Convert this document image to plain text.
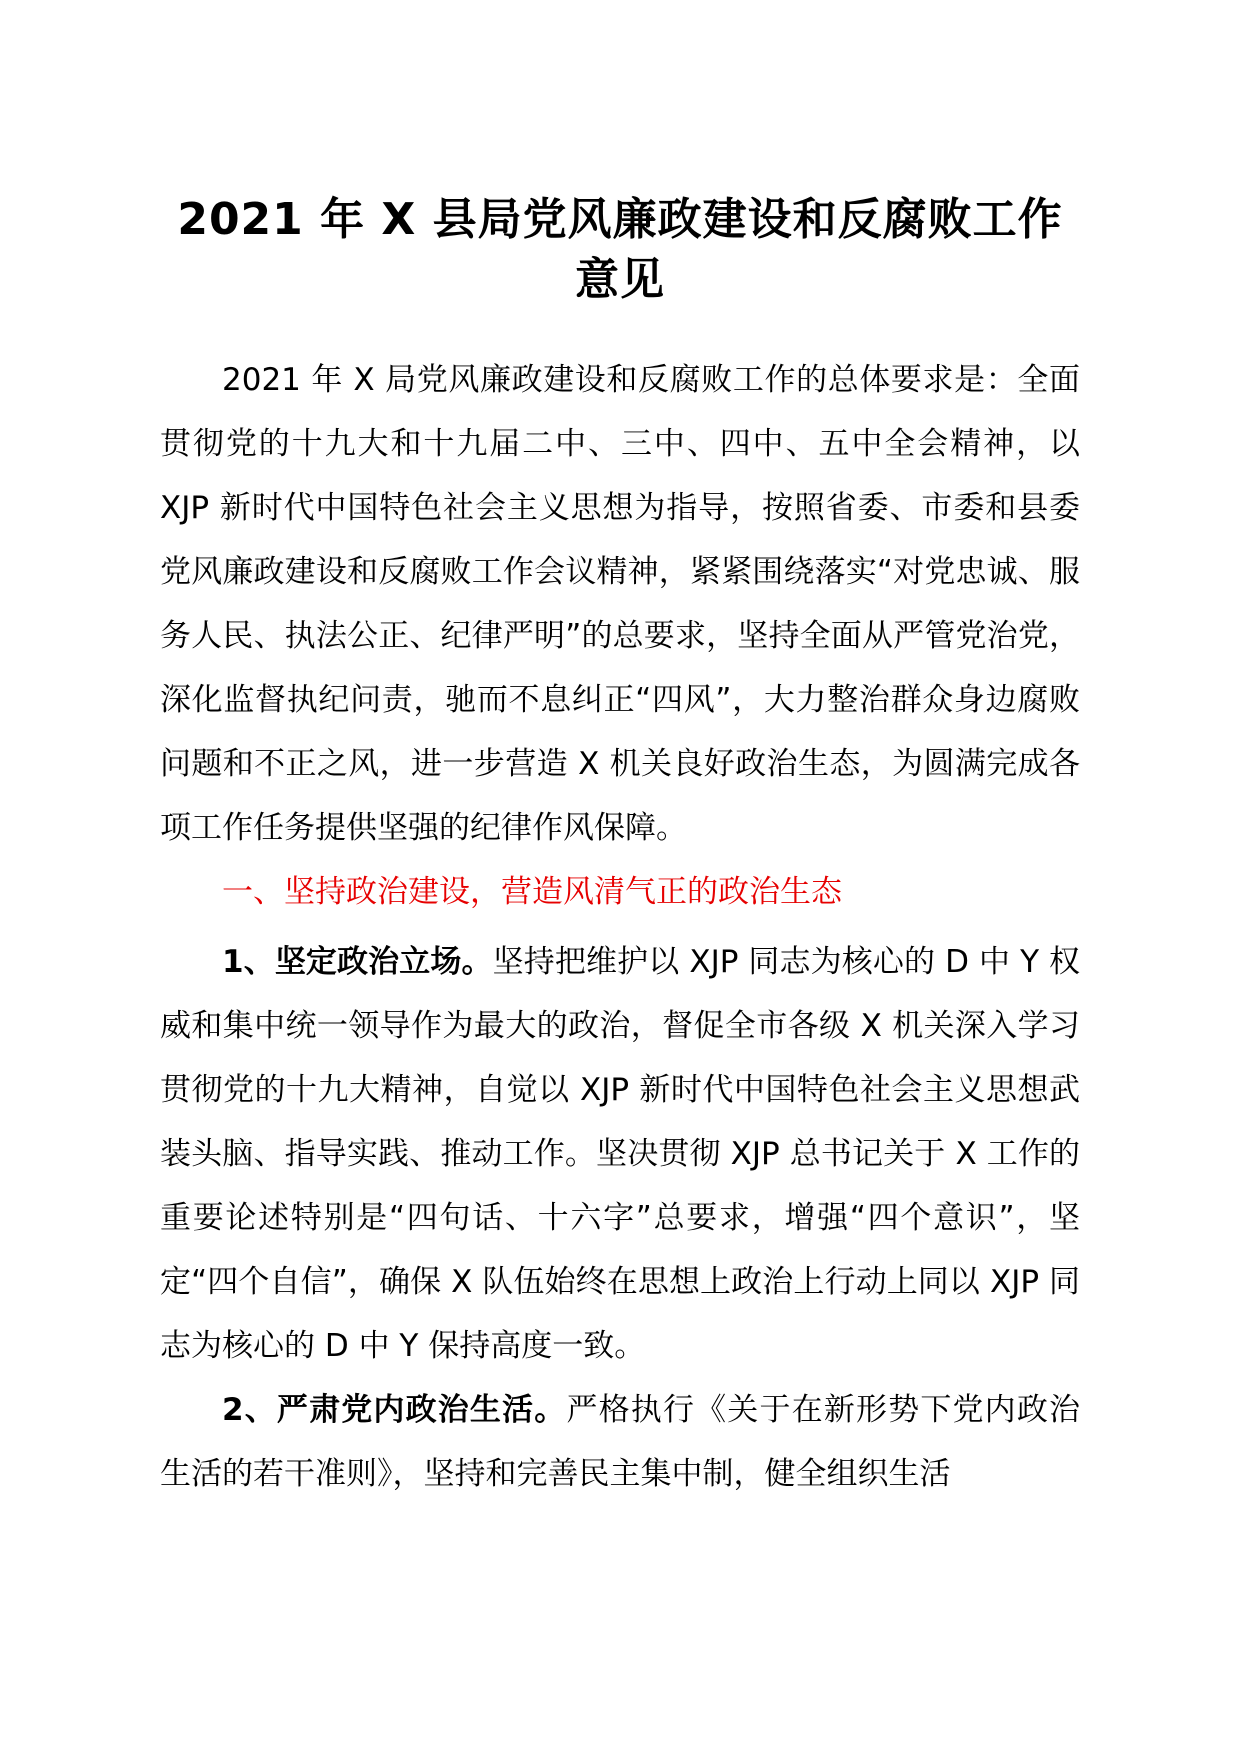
2021 年 X 县局党风廉政建设和反腐败工作意见

2021 年 X 局党风廉政建设和反腐败工作的总体要求是：全面贯彻党的十九大和十九届二中、三中、四中、五中全会精神，以 XJP 新时代中国特色社会主义思想为指导，按照省委、市委和县委党风廉政建设和反腐败工作会议精神，紧紧围绕落实“对党忠诚、服务人民、执法公正、纪律严明”的总要求，坚持全面从严管党治党，深化监督执纪问责，驰而不息纠正“四风”，大力整治群众身边腐败问题和不正之风，进一步营造 X 机关良好政治生态，为圆满完成各项工作任务提供坚强的纪律作风保障。

一、坚持政治建设，营造风清气正的政治生态

1、坚定政治立场。坚持把维护以 XJP 同志为核心的 D 中 Y 权威和集中统一领导作为最大的政治，督促全市各级 X 机关深入学习贯彻党的十九大精神，自觉以 XJP 新时代中国特色社会主义思想武装头脑、指导实践、推动工作。坚决贯彻 XJP 总书记关于 X 工作的重要论述特别是“四句话、十六字”总要求，增强“四个意识”，坚定“四个自信”，确保 X 队伍始终在思想上政治上行动上同以 XJP 同志为核心的 D 中 Y 保持高度一致。

2、严肃党内政治生活。严格执行《关于在新形势下党内政治生活的若干准则》，坚持和完善民主集中制，健全组织生活
